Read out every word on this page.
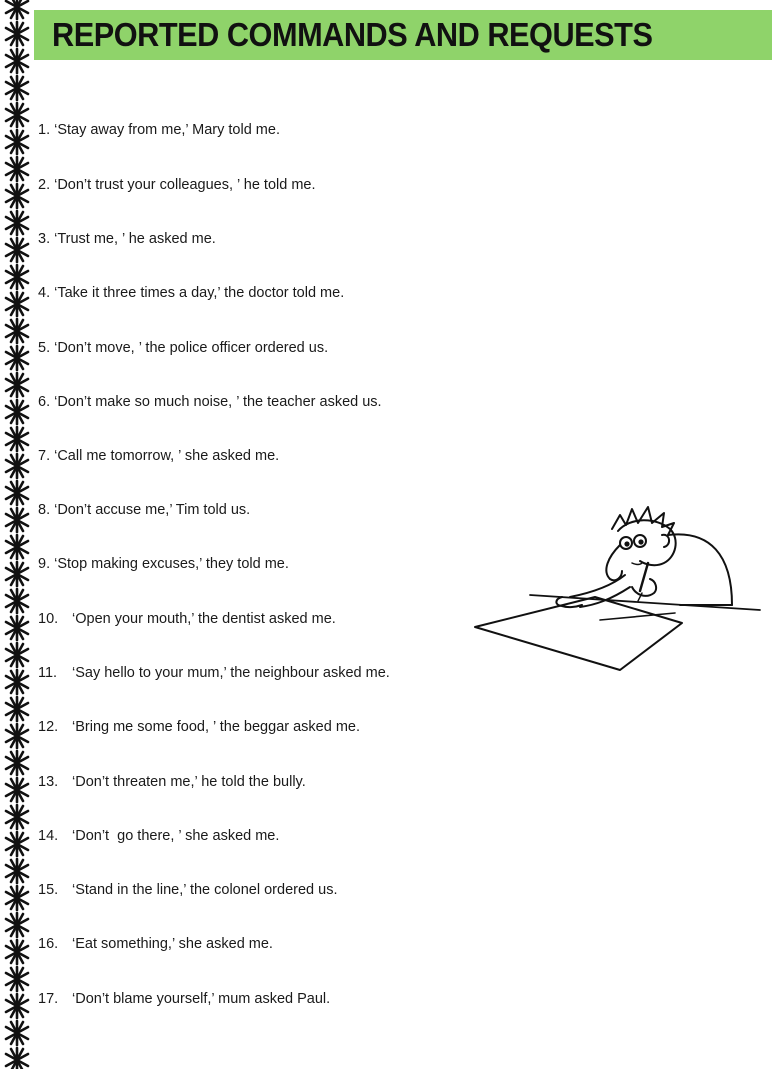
REPORTED COMMANDS AND REQUESTS
1. ‘Stay away from me,’ Mary told me.
2. ‘Don’t trust your colleagues, ’ he told me.
3. ‘Trust me, ’ he asked me.
4. ‘Take it three times a day,’ the doctor told me.
5. ‘Don’t move, ’ the police officer ordered us.
6. ‘Don’t make so much noise, ’ the teacher asked us.
7. ‘Call me tomorrow, ’ she asked me.
8. ‘Don’t accuse me,’ Tim told us.
9. ‘Stop making excuses,’ they told me.
10. ‘Open your mouth,’ the dentist asked me.
11. ‘Say hello to your mum,’ the neighbour asked me.
12. ‘Bring me some food, ’ the beggar asked me.
13. ‘Don’t threaten me,’ he told the bully.
14. ‘Don’t  go there, ’ she asked me.
15. ‘Stand in the line,’ the colonel ordered us.
16. ‘Eat something,’ she asked me.
17. ‘Don’t blame yourself,’ mum asked Paul.
